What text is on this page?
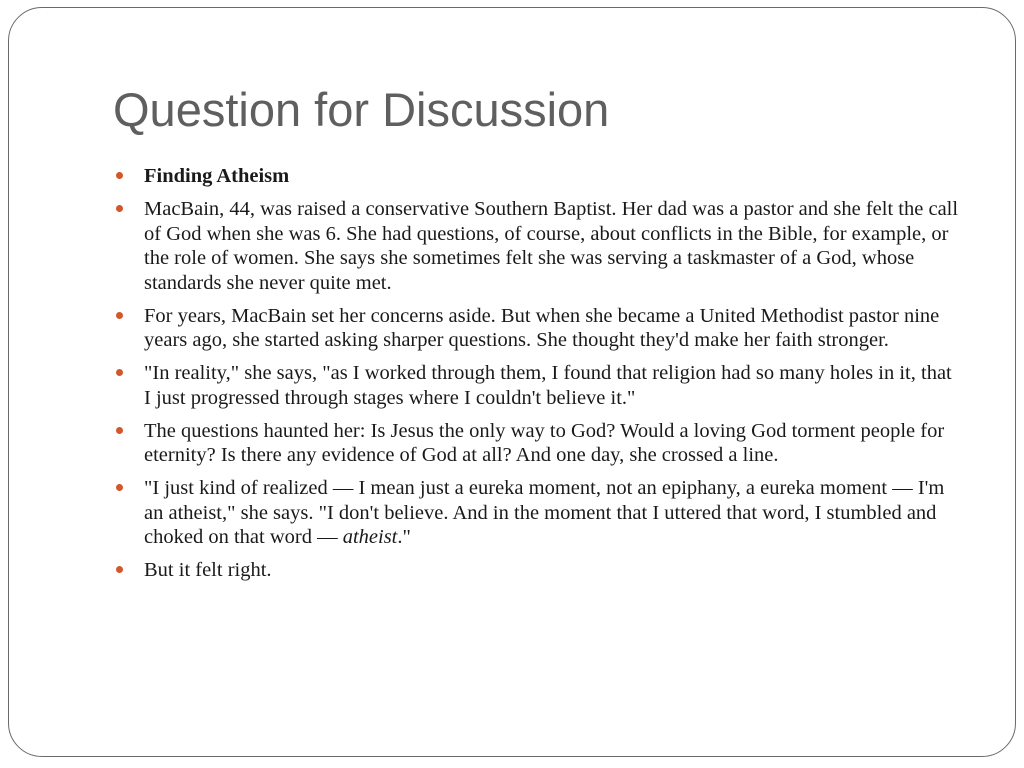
Question for Discussion
Finding Atheism
MacBain, 44, was raised a conservative Southern Baptist. Her dad was a pastor and she felt the call of God when she was 6. She had questions, of course, about conflicts in the Bible, for example, or the role of women. She says she sometimes felt she was serving a taskmaster of a God, whose standards she never quite met.
For years, MacBain set her concerns aside. But when she became a United Methodist pastor nine years ago, she started asking sharper questions. She thought they'd make her faith stronger.
"In reality," she says, "as I worked through them, I found that religion had so many holes in it, that I just progressed through stages where I couldn't believe it."
The questions haunted her: Is Jesus the only way to God? Would a loving God torment people for eternity? Is there any evidence of God at all? And one day, she crossed a line.
"I just kind of realized — I mean just a eureka moment, not an epiphany, a eureka moment — I'm an atheist," she says. "I don't believe. And in the moment that I uttered that word, I stumbled and choked on that word — atheist."
But it felt right.
